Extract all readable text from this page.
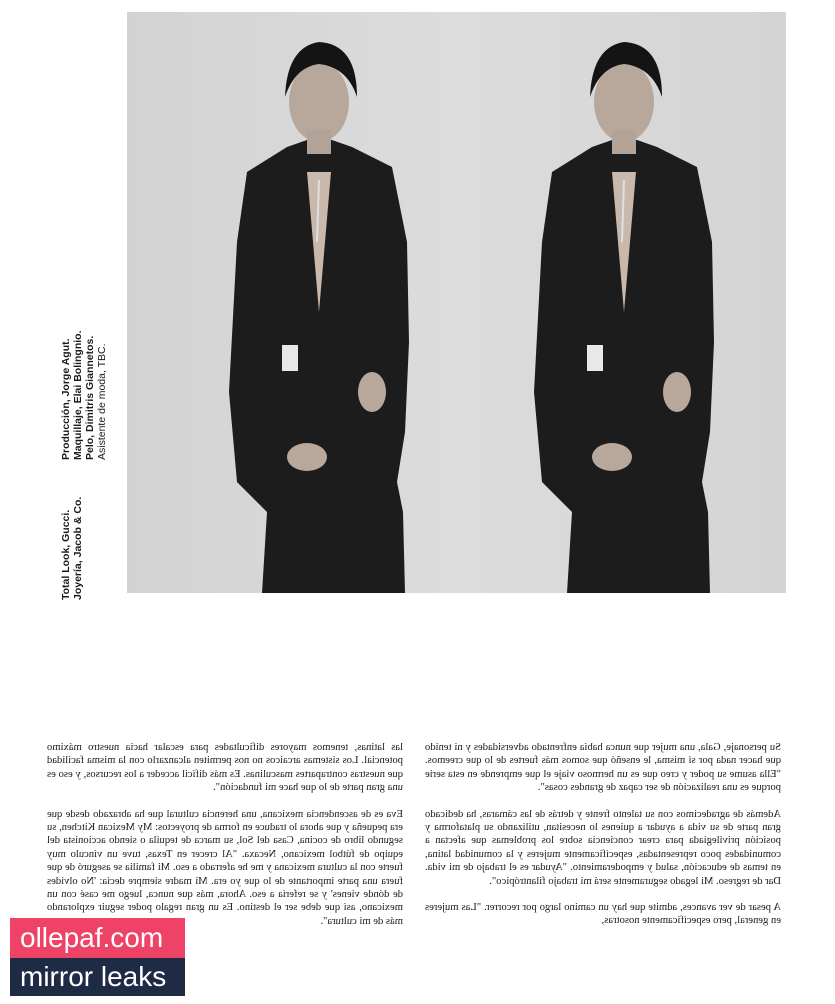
Producción, Jorge Agut. Maquillaje, Elai Bolingnio. Pelo, Dimitris Giannetos. Asistente de moda, TBC.
Total Look, Gucci. Joyería, Jacob & Co.

las latinas, tenemos mayores dificultades para escalar hacia nuestro máximo potencial. Los sistemas arcaicos no nos permiten alcanzarlo con la misma facilidad que nuestras contrapartes masculinas. Es más difícil acceder a los recursos, y eso es una gran parte de lo que hace mi fundación".

Eva es de ascendencia mexicana, una herencia cultural que ha abrazado desde que era pequeña y que ahora lo traduce en forma de proyectos: My Mexican Kitchen, su segundo libro de cocina, Casa del Sol, su marca de tequila o siendo accionista del equipo de fútbol mexicano, Necaxa. "Al crecer en Texas, tuve un vínculo muy fuerte con la cultura mexicana y me he aferrado a eso. Mi familia se aseguró de que fuera una parte importante de lo que yo era. Mi madre siempre decía: 'No olvides de dónde vienes' y se refería a eso. Ahora, más que nunca, luego me casé con un mexicano, así que debe ser el destino. Es un gran regalo poder seguir explorando más de mi cultura".

Su personaje, Gala, una mujer que nunca había enfrentado adversidades y ni tenido que hacer nada por sí misma, le enseñó que somos más fuertes de lo que creemos. "Ella asume su poder y creo que es un hermoso viaje el que emprende en esta serie porque es una realización de ser capaz de grandes cosas".

Además de agradecimos con su talento frente y detrás de las cámaras, ha dedicado gran parte de su vida a ayudar a quienes lo necesitan, utilizando su plataforma y posición privilegiada para crear conciencia sobre los problemas que afectan a comunidades poco representadas, específicamente mujeres y la comunidad latina, en temas de educación, salud y empoderamiento. "Ayudar es el trabajo de mi vida. Dar de regreso. Mi legado seguramente será mi trabajo filantrópico".

A pesar de ver avances, admite que hay un camino largo por recorrer. "Las mujeres en general, pero específicamente nosotras,

ollepaf.com
mirror leaks
